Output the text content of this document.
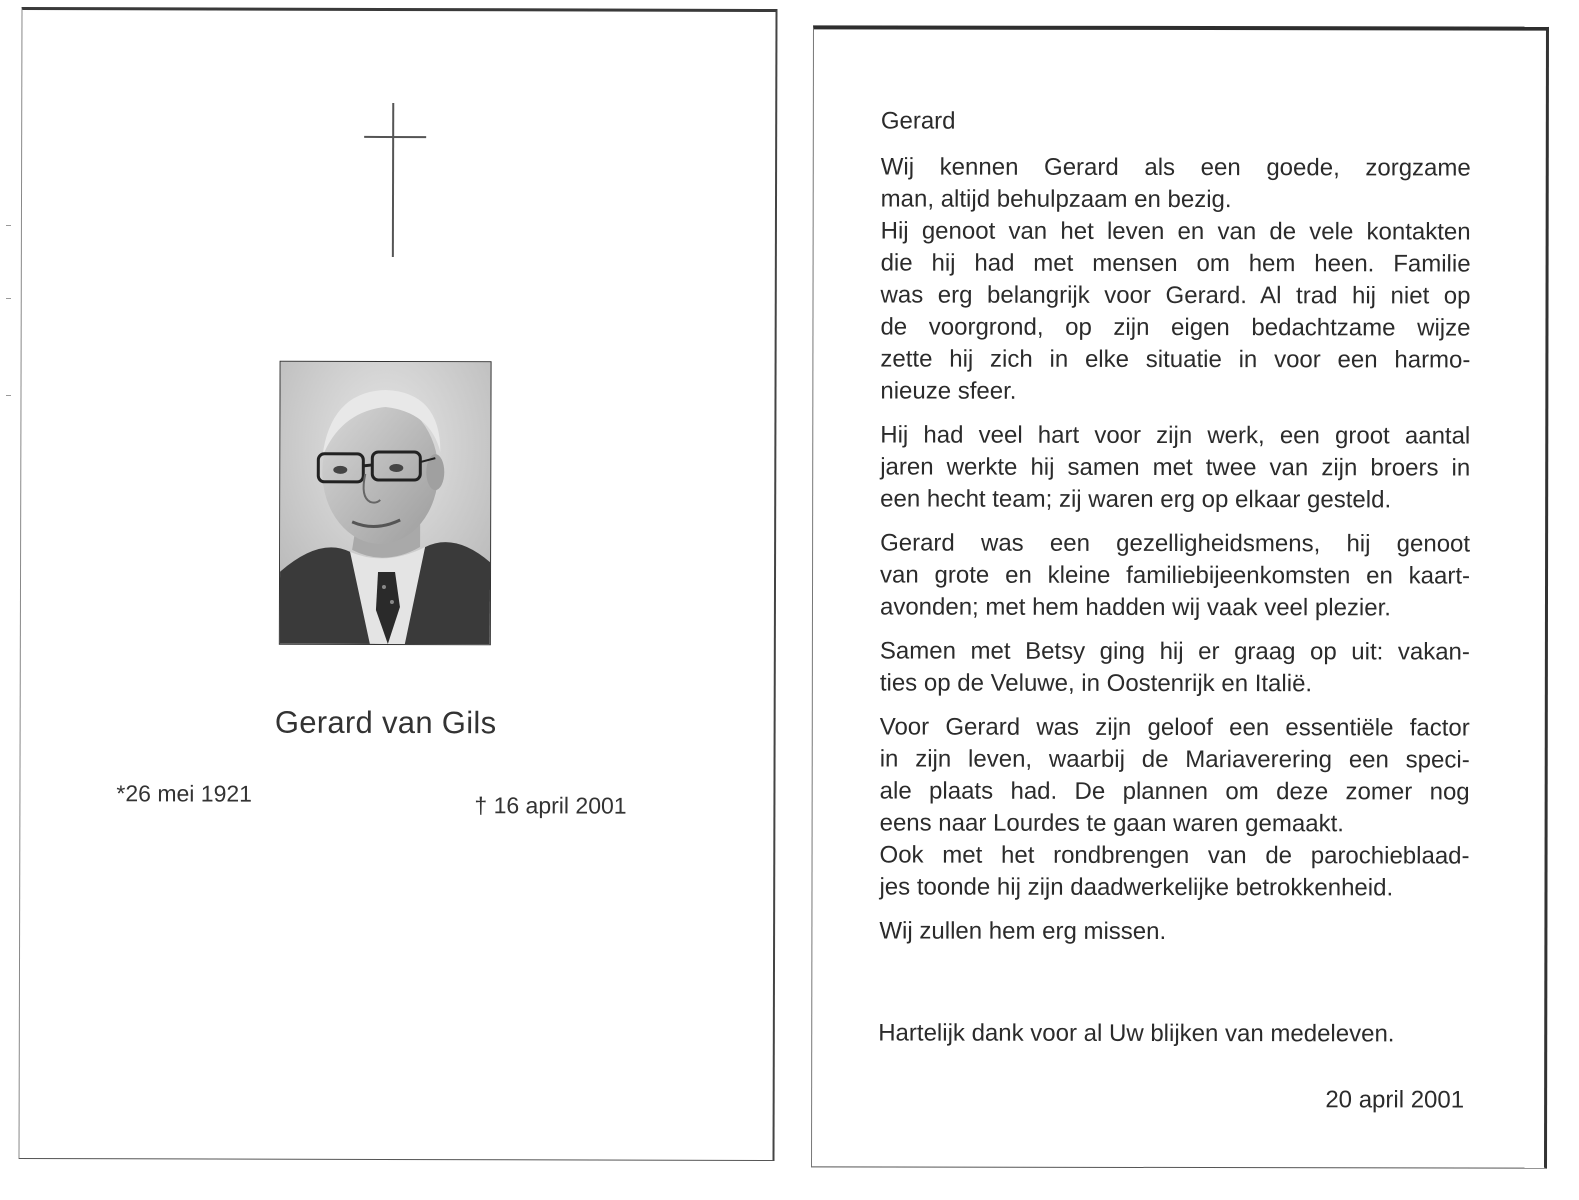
Gerard van Gils
*26 mei 1921	† 16 april 2001

Gerard

Wij kennen Gerard als een goede, zorgzame
man, altijd behulpzaam en bezig.
Hij genoot van het leven en van de vele kontakten
die hij had met mensen om hem heen. Familie
was erg belangrijk voor Gerard. Al trad hij niet op
de voorgrond, op zijn eigen bedachtzame wijze
zette hij zich in elke situatie in voor een harmo-
nieuze sfeer.

Hij had veel hart voor zijn werk, een groot aantal
jaren werkte hij samen met twee van zijn broers in
een hecht team; zij waren erg op elkaar gesteld.

Gerard was een gezelligheidsmens, hij genoot
van grote en kleine familiebijeenkomsten en kaart-
avonden; met hem hadden wij vaak veel plezier.

Samen met Betsy ging hij er graag op uit: vakan-
ties op de Veluwe, in Oostenrijk en Italië.

Voor Gerard was zijn geloof een essentiële factor
in zijn leven, waarbij de Mariaverering een speci-
ale plaats had. De plannen om deze zomer nog
eens naar Lourdes te gaan waren gemaakt.
Ook met het rondbrengen van de parochieblaad-
jes toonde hij zijn daadwerkelijke betrokkenheid.

Wij zullen hem erg missen.

Hartelijk dank voor al Uw blijken van medeleven.
20 april 2001
